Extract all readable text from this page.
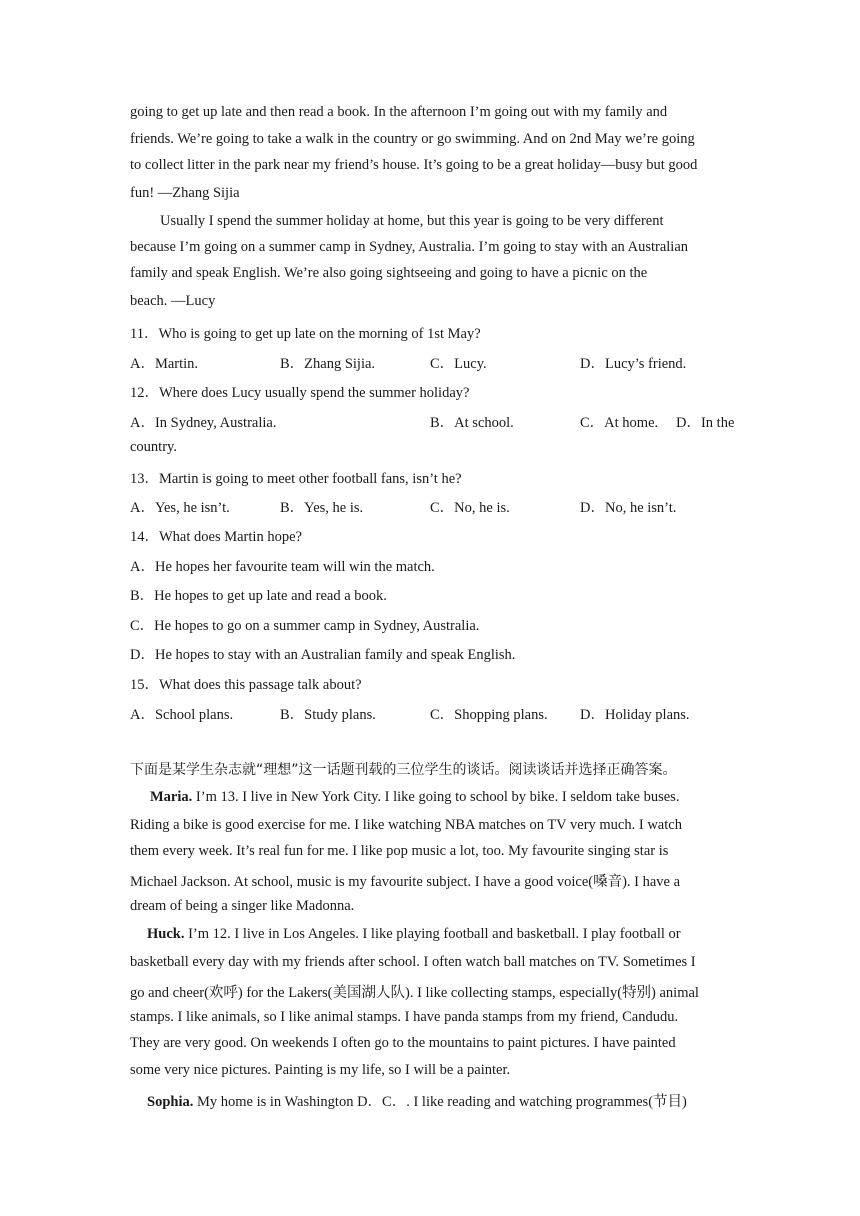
going to get up late and then read a book. In the afternoon I’m going out with my family and
friends. We’re going to take a walk in the country or go swimming. And on 2nd May we’re going
to collect litter in the park near my friend’s house. It’s going to be a great holiday—busy but good
fun! —Zhang Sijia
Usually I spend the summer holiday at home, but this year is going to be very different
because I’m going on a summer camp in Sydney, Australia. I’m going to stay with an Australian
family and speak English. We’re also going sightseeing and going to have a picnic on the
beach. —Lucy
11．Who is going to get up late on the morning of 1st May?
A．Martin.	B．Zhang Sijia.	C．Lucy.	D．Lucy’s friend.
12．Where does Lucy usually spend the summer holiday?
A．In Sydney, Australia.	B．At school.	C．At home. D．In the
country.
13．Martin is going to meet other football fans, isn’t he?
A．Yes, he isn’t.	B．Yes, he is.	C．No, he is.	D．No, he isn’t.
14．What does Martin hope?
A．He hopes her favourite team will win the match.
B．He hopes to get up late and read a book.
C．He hopes to go on a summer camp in Sydney, Australia.
D．He hopes to stay with an Australian family and speak English.
15．What does this passage talk about?
A．School plans.	B．Study plans.	C．Shopping plans. D．Holiday plans.
下面是某学生杂志就“理想”这一话题刊载的三位学生的谈话。阅读谈话并选择正确答案。
Maria. I’m 13. I live in New York City. I like going to school by bike. I seldom take buses.
Riding a bike is good exercise for me. I like watching NBA matches on TV very much. I watch
them every week. It’s real fun for me. I like pop music a lot, too. My favourite singing star is
Michael Jackson. At school, music is my favourite subject. I have a good voice(嗓音). I have a
dream of being a singer like Madonna.
Huck. I’m 12. I live in Los Angeles. I like playing football and basketball. I play football or
basketball every day with my friends after school. I often watch ball matches on TV. Sometimes I
go and cheer(欢呼) for the Lakers(美国湖人队). I like collecting stamps, especially(特别) animal
stamps. I like animals, so I like animal stamps. I have panda stamps from my friend, Candudu.
They are very good. On weekends I often go to the mountains to paint pictures. I have painted
some very nice pictures. Painting is my life, so I will be a painter.
Sophia. My home is in Washington D．C．. I like reading and watching programmes(节目)
